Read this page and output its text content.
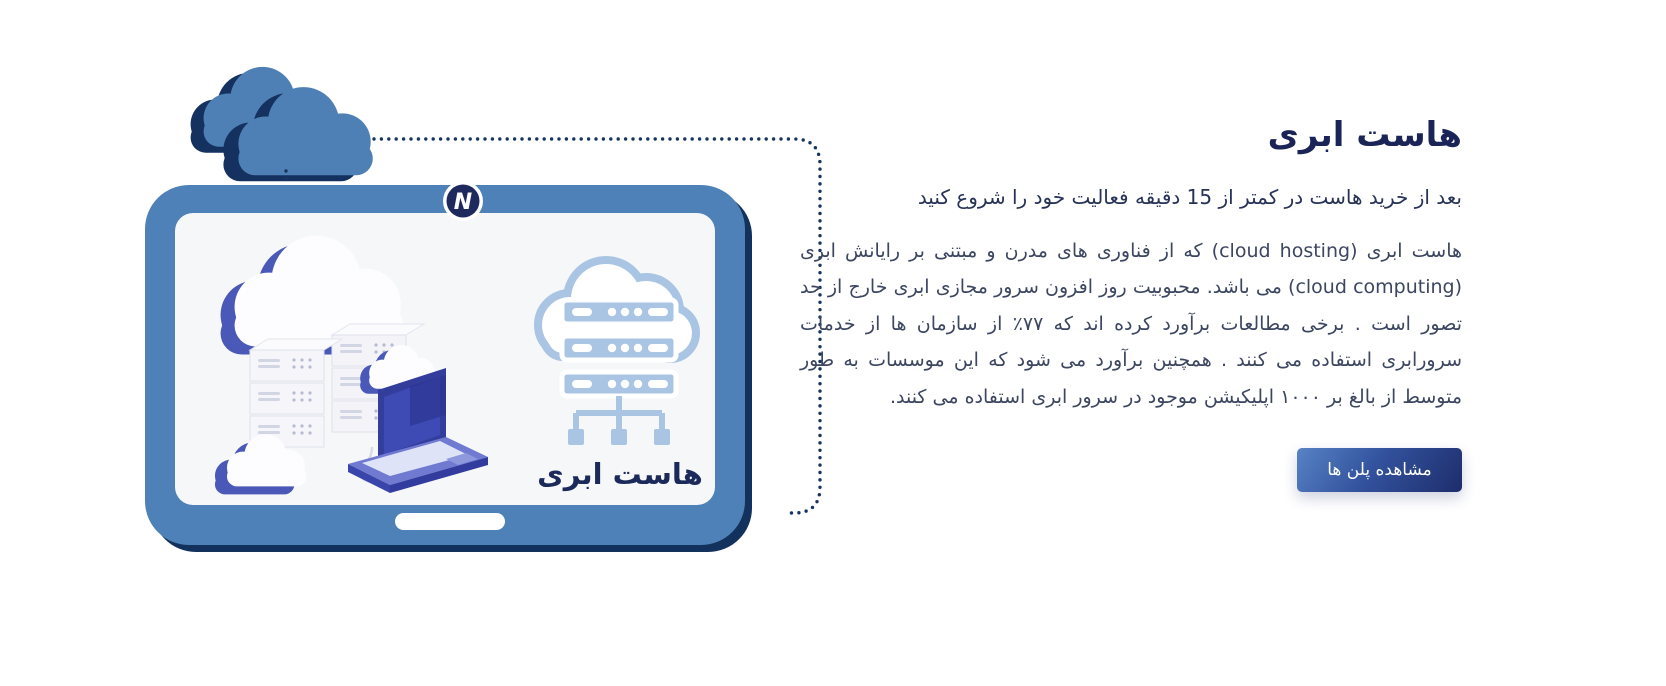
N
هاست ابری
هاست ابری

بعد از خرید هاست در کمتر از 15 دقیقه فعالیت خود را شروع کنید

هاست ابری (cloud hosting) که از فناوری های مدرن و مبتنی بر رایانش ابری (cloud computing) می باشد. محبوبیت روز افزون سرور مجازی ابری خارج از حد تصور است . برخی مطالعات برآورد کرده اند که ۷۷٪ از سازمان ها از خدمات سرورابری استفاده می کنند . همچنین برآورد می شود که این موسسات به طور متوسط از بالغ بر ۱۰۰۰ اپلیکیشن موجود در سرور ابری استفاده می کنند.

مشاهده پلن ها
